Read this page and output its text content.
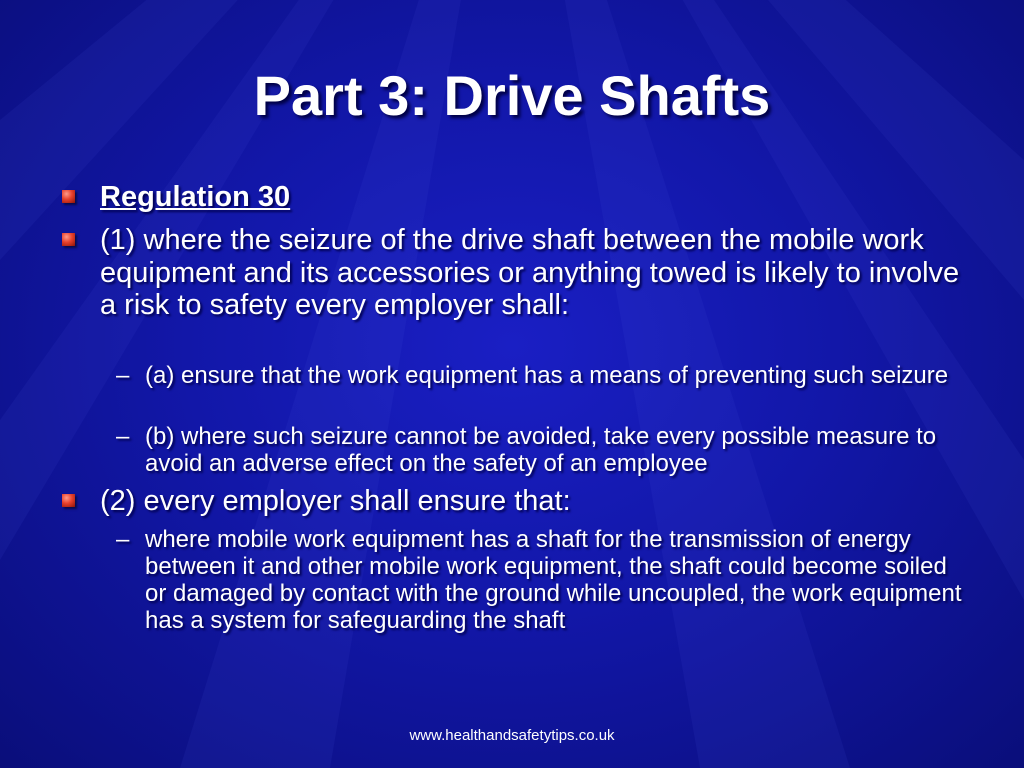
Part 3: Drive Shafts
Regulation 30
(1) where the seizure of the drive shaft between the mobile work equipment and its accessories or anything towed is likely to involve a risk to safety every employer shall:
– (a) ensure that the work equipment has a means of preventing such seizure
– (b) where such seizure cannot be avoided, take every possible measure to avoid an adverse effect on the safety of an employee
(2) every employer shall ensure that:
– where mobile work equipment has a shaft for the transmission of energy between it and other mobile work equipment, the shaft could become soiled or damaged by contact with the ground while uncoupled, the work equipment has a system for safeguarding the shaft
www.healthandsafetytips.co.uk
